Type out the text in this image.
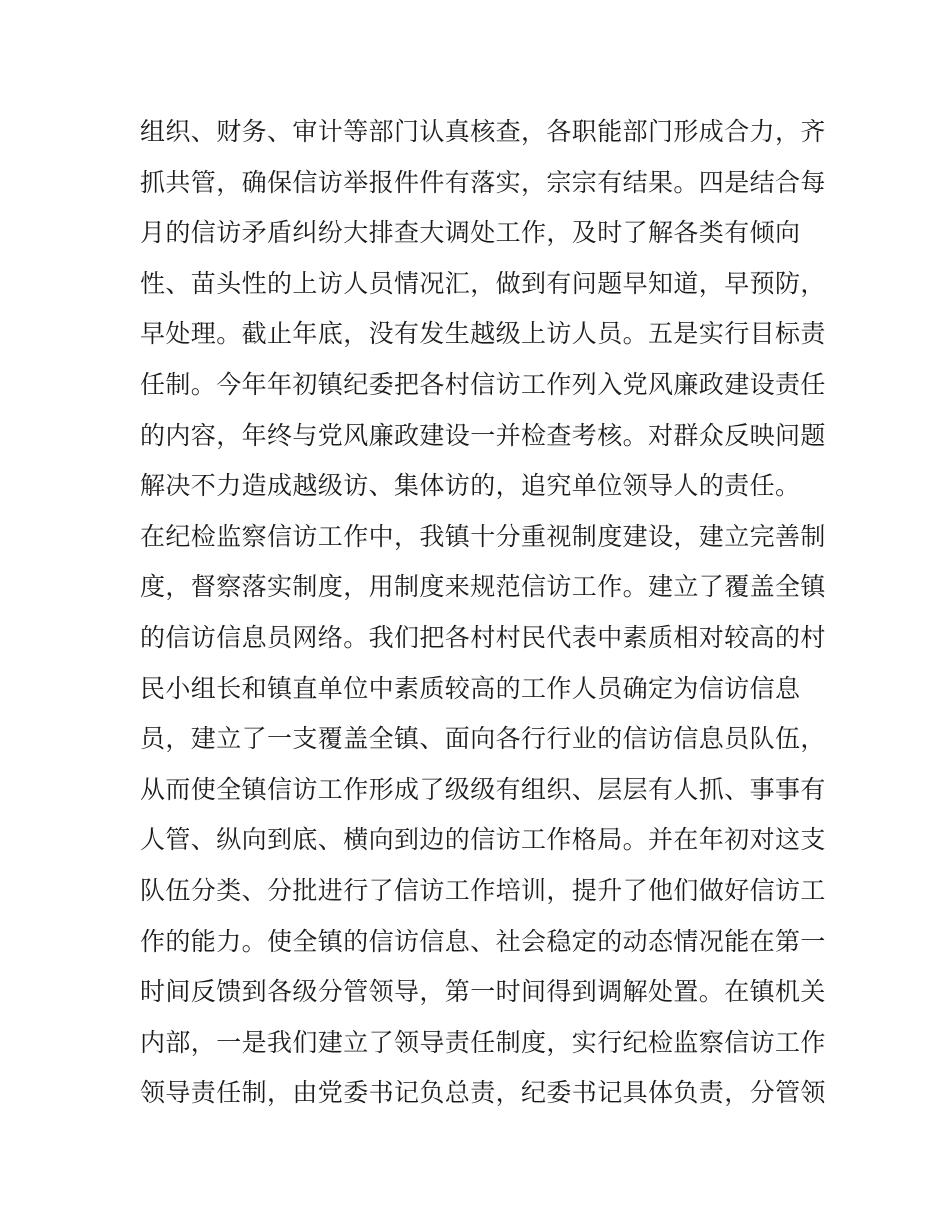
组织、财务、审计等部门认真核查，各职能部门形成合力，齐
抓共管，确保信访举报件件有落实，宗宗有结果。四是结合每
月的信访矛盾纠纷大排查大调处工作，及时了解各类有倾向
性、苗头性的上访人员情况汇，做到有问题早知道，早预防，
早处理。截止年底，没有发生越级上访人员。五是实行目标责
任制。今年年初镇纪委把各村信访工作列入党风廉政建设责任
的内容，年终与党风廉政建设一并检查考核。对群众反映问题
解决不力造成越级访、集体访的，追究单位领导人的责任。
在纪检监察信访工作中，我镇十分重视制度建设，建立完善制
度，督察落实制度，用制度来规范信访工作。建立了覆盖全镇
的信访信息员网络。我们把各村村民代表中素质相对较高的村
民小组长和镇直单位中素质较高的工作人员确定为信访信息
员，建立了一支覆盖全镇、面向各行行业的信访信息员队伍，
从而使全镇信访工作形成了级级有组织、层层有人抓、事事有
人管、纵向到底、横向到边的信访工作格局。并在年初对这支
队伍分类、分批进行了信访工作培训，提升了他们做好信访工
作的能力。使全镇的信访信息、社会稳定的动态情况能在第一
时间反馈到各级分管领导，第一时间得到调解处置。在镇机关
内部，一是我们建立了领导责任制度，实行纪检监察信访工作
领导责任制，由党委书记负总责，纪委书记具体负责，分管领
